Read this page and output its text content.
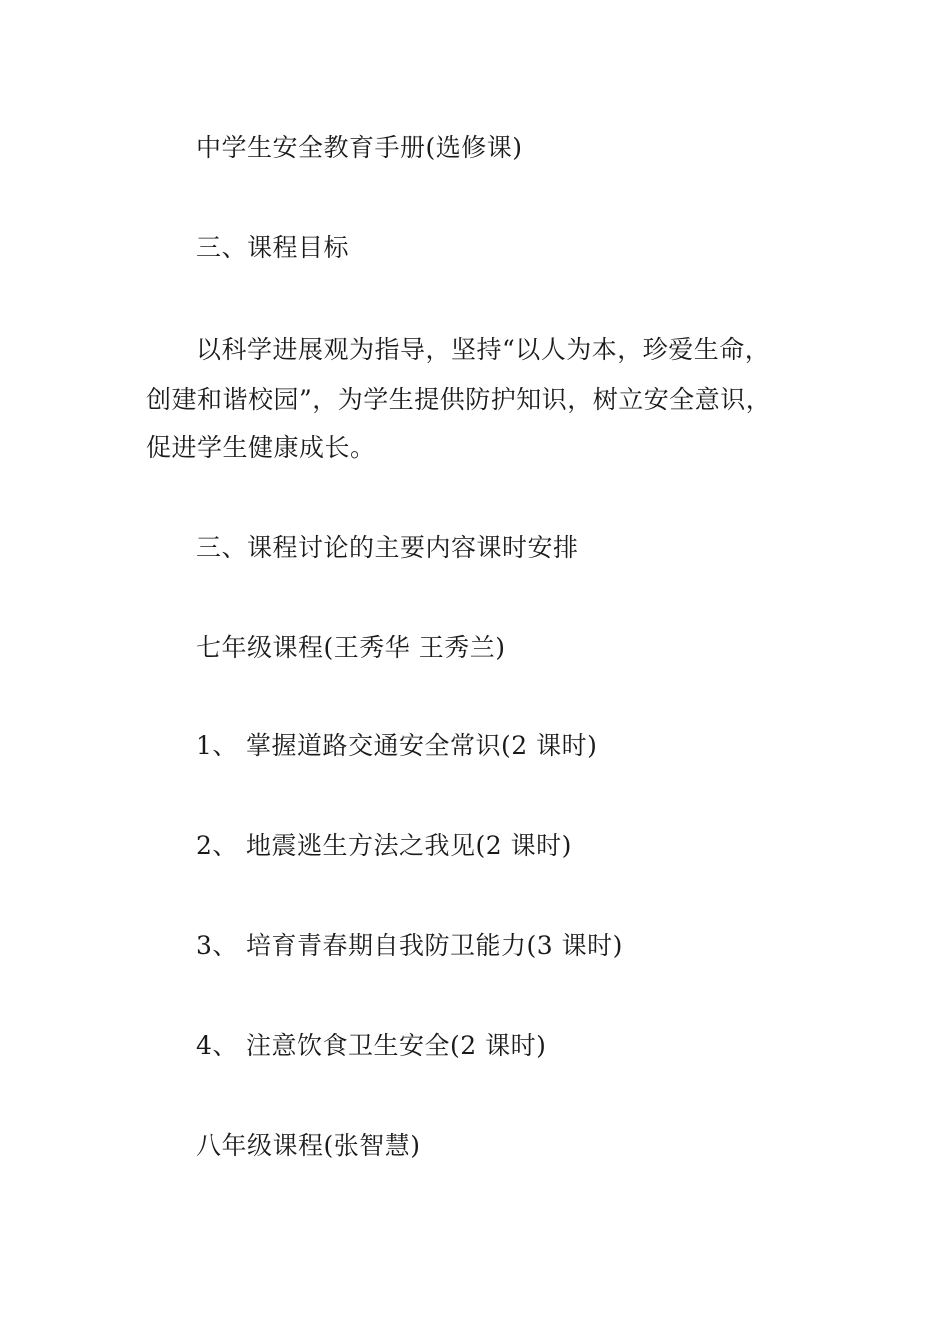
中学生安全教育手册(选修课)
三、课程目标
以科学进展观为指导，坚持“以人为本，珍爱生命，
创建和谐校园”，为学生提供防护知识，树立安全意识，
促进学生健康成长。
三、课程讨论的主要内容课时安排
七年级课程(王秀华 王秀兰)
1、 掌握道路交通安全常识(2 课时)
2、 地震逃生方法之我见(2 课时)
3、 培育青春期自我防卫能力(3 课时)
4、 注意饮食卫生安全(2 课时)
八年级课程(张智慧)
